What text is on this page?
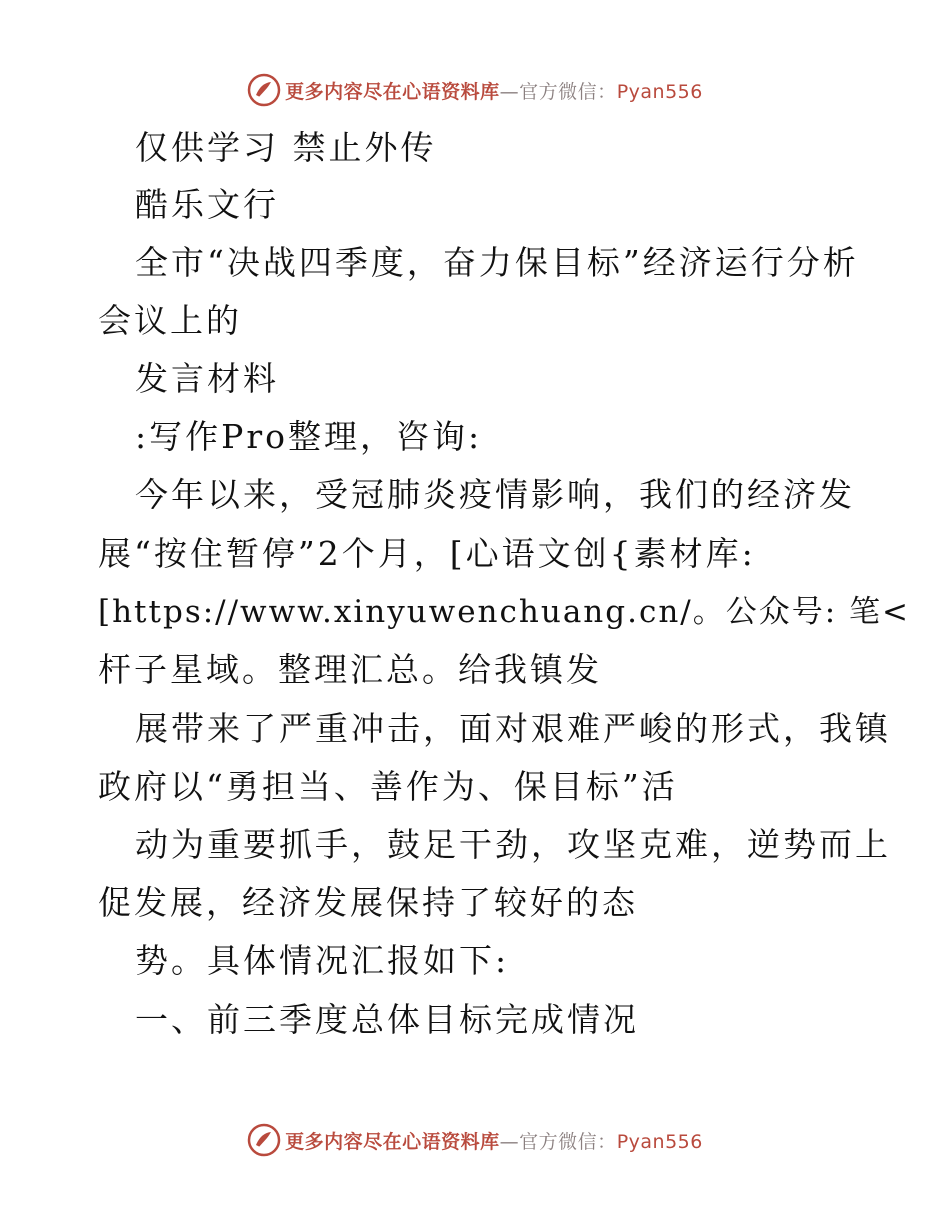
更多内容尽在心语资料库—官方微信：Pyan556
仅供学习 禁止外传
酷乐文行
全市“决战四季度，奋力保目标”经济运行分析
会议上的
发言材料
:写作Pro整理，咨询:
今年以来，受冠肺炎疫情影响，我们的经济发
展“按住暂停”2个月，[心语文创{素材库:
[https://www.xinyuwenchuang.cn/。公众号: 笔<
杆子星域。整理汇总。给我镇发
展带来了严重冲击，面对艰难严峻的形式，我镇
政府以“勇担当、善作为、保目标”活
动为重要抓手，鼓足干劲，攻坚克难，逆势而上
促发展，经济发展保持了较好的态
势。具体情况汇报如下:
一、前三季度总体目标完成情况
更多内容尽在心语资料库—官方微信：Pyan556
